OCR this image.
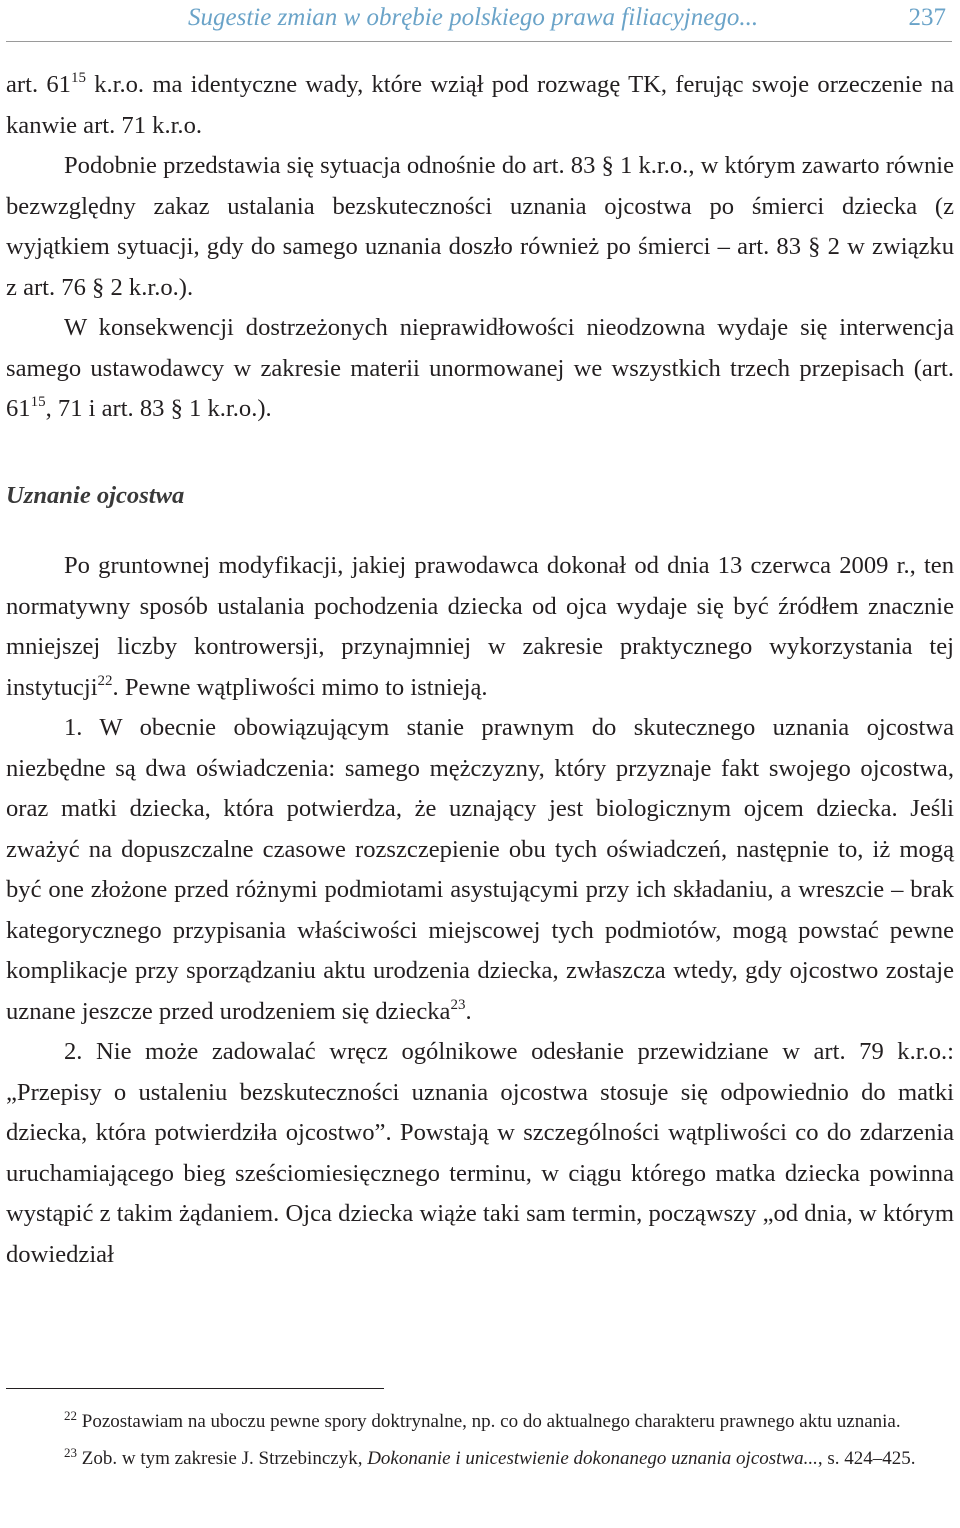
Sugestie zmian w obrębie polskiego prawa filiacyjnego...	237

art. $61^{15}$ k.r.o. ma identyczne wady, które wziął pod rozwagę TK, ferując swoje orzeczenie na kanwie art. 71 k.r.o.

Podobnie przedstawia się sytuacja odnośnie do art. 83 § 1 k.r.o., w którym zawarto równie bezwzględny zakaz ustalania bezskuteczności uznania ojcostwa po śmierci dziecka (z wyjątkiem sytuacji, gdy do samego uznania doszło również po śmierci – art. 83 § 2 w związku z art. 76 § 2 k.r.o.).

W konsekwencji dostrzeżonych nieprawidłowości nieodzowna wydaje się interwencja samego ustawodawcy w zakresie materii unormowanej we wszystkich trzech przepisach (art. $61^{15}$, 71 i art. 83 § 1 k.r.o.).

Uznanie ojcostwa

Po gruntownej modyfikacji, jakiej prawodawca dokonał od dnia 13 czerwca 2009 r., ten normatywny sposób ustalania pochodzenia dziecka od ojca wydaje się być źródłem znacznie mniejszej liczby kontrowersji, przynajmniej w zakresie praktycznego wykorzystania tej instytucji$^{22}$. Pewne wątpliwości mimo to istnieją.

1. W obecnie obowiązującym stanie prawnym do skutecznego uznania ojcostwa niezbędne są dwa oświadczenia: samego mężczyzny, który przyznaje fakt swojego ojcostwa, oraz matki dziecka, która potwierdza, że uznający jest biologicznym ojcem dziecka. Jeśli zważyć na dopuszczalne czasowe rozszczepienie obu tych oświadczeń, następnie to, iż mogą być one złożone przed różnymi podmiotami asystującymi przy ich składaniu, a wreszcie – brak kategorycznego przypisania właściwości miejscowej tych podmiotów, mogą powstać pewne komplikacje przy sporządzaniu aktu urodzenia dziecka, zwłaszcza wtedy, gdy ojcostwo zostaje uznane jeszcze przed urodzeniem się dziecka$^{23}$.

2. Nie może zadowalać wręcz ogólnikowe odesłanie przewidziane w art. 79 k.r.o.: „Przepisy o ustaleniu bezskuteczności uznania ojcostwa stosuje się odpowiednio do matki dziecka, która potwierdziła ojcostwo”. Powstają w szczególności wątpliwości co do zdarzenia uruchamiającego bieg sześciomiesięcznego terminu, w ciągu którego matka dziecka powinna wystąpić z takim żądaniem. Ojca dziecka wiąże taki sam termin, począwszy „od dnia, w którym dowiedział

$^{22}$ Pozostawiam na uboczu pewne spory doktrynalne, np. co do aktualnego charakteru prawnego aktu uznania.

$^{23}$ Zob. w tym zakresie J. Strzebinczyk, Dokonanie i unicestwienie dokonanego uznania ojcostwa..., s. 424–425.
